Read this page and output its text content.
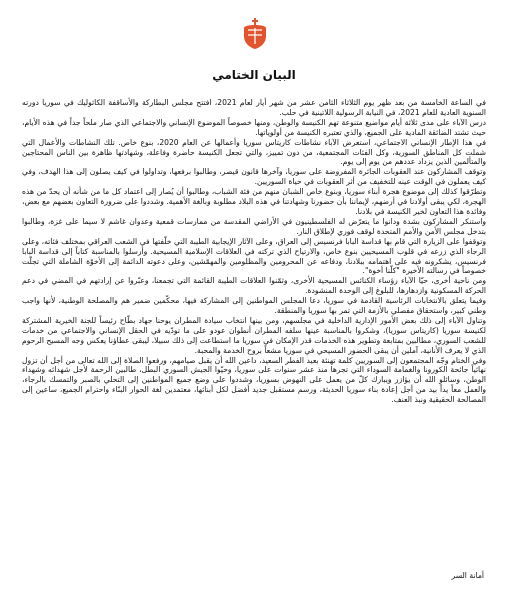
البيان الختامي

في الساعة الخامسة من بعد ظهر يوم الثلاثاء الثامن عشر من شهر أيار لعام 2021، افتتح مجلس البطاركة والأساقفة الكاثوليك في سوريا دورته السنوية العادية للعام 2021، في النيابة الرسولية اللاتينية في حلب.

درس الآباء على مدى ثلاثة أيام مواضيع متنوعة تهم الكنيسة والوطن، ومنها خصوصاً الموضوع الإنساني والاجتماعي الذي صار ملحاً جداً في هذه الأيام، حيث تشتد الضائقة المادية على الجميع، والذي تعتبره الكنيسة من أولوياتها.

في هذا الإطار الإنساني الاجتماعي، استعرض الآباء نشاطات كاريتاس سوريا وأعمالها عن العام 2020، بنوع خاص. تلك النشاطات والأعمال التي شملت كل المناطق السورية، وكل الفئات المجتمعية، من دون تمييز، والتي تجعل الكنيسة حاضرة وفاعلة، وشهادتها ظاهرة بين الناس المحتاجين والمتألمين الذين يزداد عددهم من يوم إلى يوم.

وتوقف المشاركون عند العقوبات الجائرة المفروضة على سوريا، وآخرها قانون قيصر، وطالبوا برفعها، وتداولوا في كيف يصلون إلى هذا الهدف، وفي كيف يعملون في الوقت عينه للتخفيف من أثر العقوبات في حياة السوريين.

وتطرّقوا كذلك إلى موضوع هجرة أبناء سوريا، وبنوع خاص الشبان منهم من فئة الشباب، وطالبوا أن يُصار إلى اعتماد كل ما من شأنه أن يحدّ من هذه الهجرة، لكي يبقى أولادنا في أرضهم، لإيماننا بأن حضورنا وشهادتنا في هذه البلاد مطلوبة وبالغة الأهمية. وشددوا على ضرورة التعاون بعضهم مع بعض، وفائدة هذا التعاون لخير الكنيسة في بلادنا.

واستنكر المشاركون بشدة ودانوا ما يتعرّض له الفلسطينيون في الأراضي المقدسة من ممارسات قمعية وعدوان غاشم لا سيما على غزة، وطالبوا بتدخل مجلس الأمن والأمم المتحدة لوقف فوري لإطلاق النار.

وتوقفوا على الزيارة التي قام بها قداسة البابا فرنسيس إلى العراق، وعلى الآثار الإيجابية الطيبة التي خلّفتها في الشعب العراقي بمختلف فئاته، وعلى الرجاء الذي زرعه في قلوب المسيحيين بنوع خاص، والارتياح الذي تركته في العلاقات الإسلامية المسيحية. وأرسلوا بالمناسبة كتاباً إلى قداسة البابا فرنسيس، يشكرونه فيه على اهتمامه ببلادنا، ودفاعه عن المحرومين والمظلومين والمهمّشين، وعلى دعوته الدائمة إلى الأخوّة الشاملة التي تجلّت خصوصاً في رسالته الأخيرة "كلّنا أخوة".

ومن ناحية أخرى، حيّا الآباء رؤساء الكنائس المسيحية الأخرى، وثمّنوا العلاقات الطيبة القائمة التي تجمعنا، وعبّروا عن إرادتهم في المضي في دعم الحركة المسكونية وازدهارها، للبلوغ إلى الوحدة المنشودة.

وفيما يتعلق بالانتخابات الرئاسية القادمة في سوريا، دعا المجلس المواطنين إلى المشاركة فيها، محكّمين ضمير هم والمصلحة الوطنية، لأنها واجب وطني كبير، واستحقاق مفصلي بالأزمة التي تمر بها سوريا والمنطقة.

وتناول الآباء إلى ذلك بعض الأمور الإدارية الداخلية في مجلسهم، ومن بينها انتخاب سيادة المطران يوحنا جهاد بطّاح رئيساً للجنة الخيرية المشتركة لكنيسة سوريا (كاريتاس سوريا)، وشكروا بالمناسبة عينها سلفه المطران أنطوان عودو على ما تودّيه في الحقل الإنساني والاجتماعي من خدمات للشعب السوري، مطالبين بمتابعة وتطوير هذه الخدمات قدر الإمكان في سوريا ما استطاعت إلى ذلك سبيلا، ليبقى عطاؤنا يعكس وجه المسيح الرحوم الذي لا يعرف الأنانية، آملين أن يبقى الحضور المسيحي في سوريا مشعاً بروح الخدمة والمحبة.

وفي الختام وجّه المجتمعون إلى السوريين كلمة تهنئة بعيد الفطر السعيد، داعين الله أن يقبل صيامهم، ورفعوا الصلاة إلى الله تعالى من أجل أن تزول نهائياً جائحة الكورونا والغمامة السوداء التي تجرها منذ عشر سنوات على سوريا، وحيّوا الجيش السوري البطل، طالبين الرحمة لأجل شهدائه وشهداء الوطن، وسائلو الله أن يؤازر ويبارك كلّ من يعمل على النهوض بسوريا، وشددوا على وضع جميع المواطنين إلى التحلي بالصبر والتمسك بالرجاء، والعمل معاً يداً بيد من أجل إعادة بناء سوريا الحديثة، ورسم مستقبل جديد أفضل لكل أبنائها، معتمدين لغة الحوار البنّاء واحترام الجميع، ساعين إلى المصالحة الحقيقية ونبذ العنف.

أمانة السر
